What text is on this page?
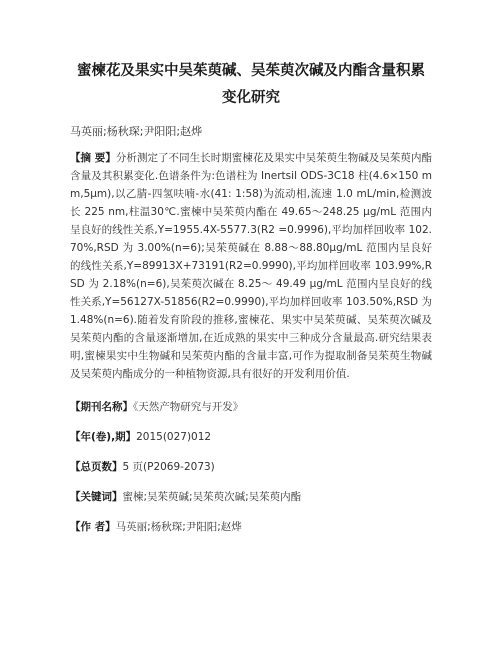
蜜楝花及果实中吴茱萸碱、吴茱萸次碱及内酯含量积累变化研究
马英丽;杨秋琛;尹阳阳;赵烨
【摘 要】分析测定了不同生长时期蜜楝花及果实中吴茱萸生物碱及吴茱萸内酯含量及其积累变化.色谱条件为:色谱柱为 Inertsil ODS-3C18 柱(4.6×150 mm,5μm),以乙腈-四氢呋喃-水(41: 1:58)为流动相,流速 1.0 mL/min,检测波长 225 nm,柱温30℃.蜜楝中吴茱萸内酯在 49.65～248.25 μg/mL 范围内呈良好的线性关系,Y=1955.4X-5577.3(R2 =0.9996),平均加样回收率 102.70%,RSD 为 3.00%(n=6);吴茱萸碱在 8.88～88.80μg/mL 范围内呈良好的线性关系,Y=89913X+73191(R2=0.9990),平均加样回收率 103.99%,RSD 为 2.18%(n=6),吴茱萸次碱在 8.25～ 49.49 μg/mL 范围内呈良好的线性关系,Y=56127X-51856(R2=0.9990),平均加样回收率 103.50%,RSD 为 1.48%(n=6).随着发育阶段的推移,蜜楝花、果实中吴茱萸碱、吴茱萸次碱及吴茱萸内酯的含量逐渐增加,在近成熟的果实中三种成分含量最高.研究结果表明,蜜楝果实中生物碱和吴茱萸内酯的含量丰富,可作为提取制备吴茱萸生物碱及吴茱萸内酯成分的一种植物资源,具有很好的开发利用价值.
【期刊名称】《天然产物研究与开发》
【年(卷),期】2015(027)012
【总页数】5 页(P2069-2073)
【关键词】蜜楝;吴茱萸碱;吴茱萸次碱;吴茱萸内酯
【作 者】马英丽;杨秋琛;尹阳阳;赵烨
